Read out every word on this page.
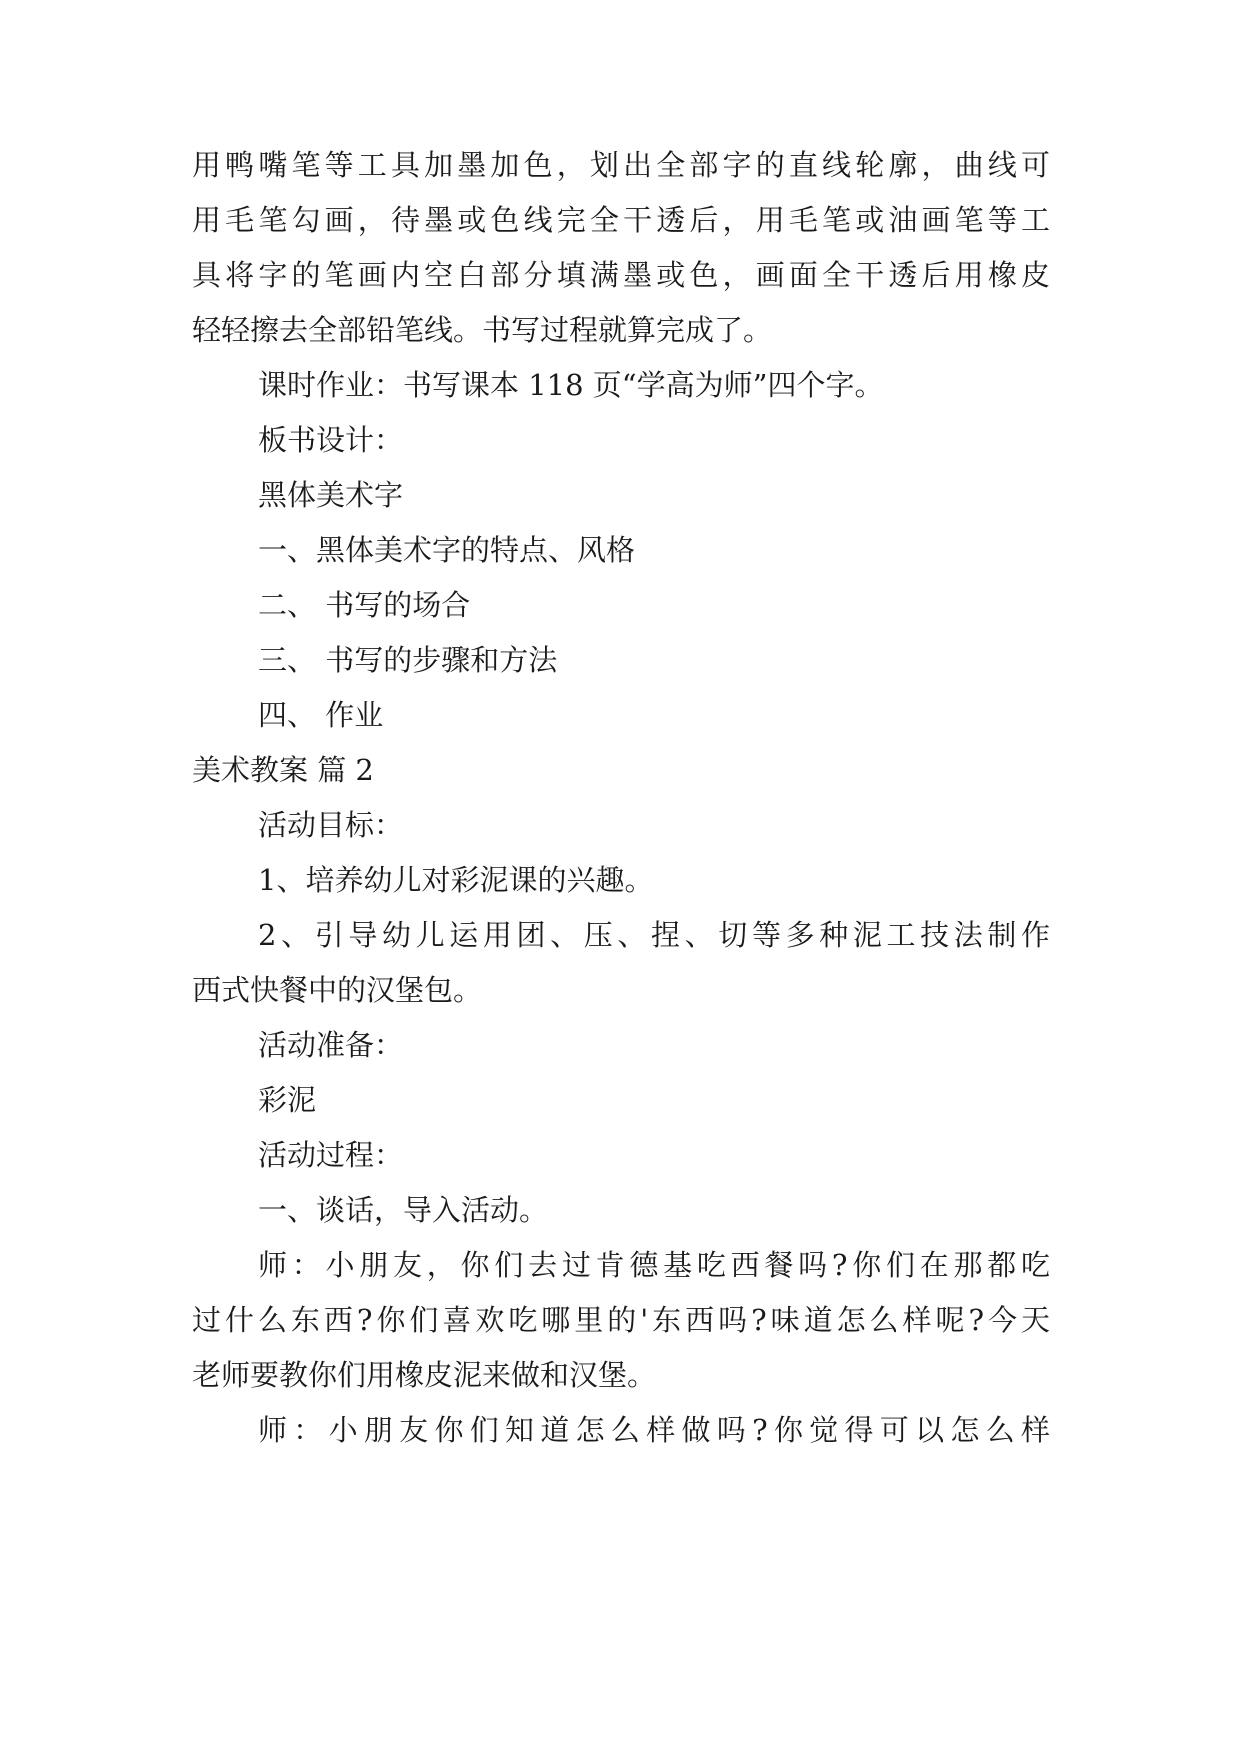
用鸭嘴笔等工具加墨加色，划出全部字的直线轮廓，曲线可

用毛笔勾画，待墨或色线完全干透后，用毛笔或油画笔等工

具将字的笔画内空白部分填满墨或色，画面全干透后用橡皮

轻轻擦去全部铅笔线。书写过程就算完成了。

课时作业：书写课本 118 页“学高为师”四个字。

板书设计：

黑体美术字

一、黑体美术字的特点、风格

二、 书写的场合

三、 书写的步骤和方法

四、 作业

美术教案 篇 2

活动目标：

1、培养幼儿对彩泥课的兴趣。

2、引导幼儿运用团、压、捏、切等多种泥工技法制作

西式快餐中的汉堡包。

活动准备：

彩泥

活动过程：

一、谈话，导入活动。

师：小朋友，你们去过肯德基吃西餐吗?你们在那都吃

过什么东西?你们喜欢吃哪里的'东西吗?味道怎么样呢?今天

老师要教你们用橡皮泥来做和汉堡。

师：小朋友你们知道怎么样做吗?你觉得可以怎么样
